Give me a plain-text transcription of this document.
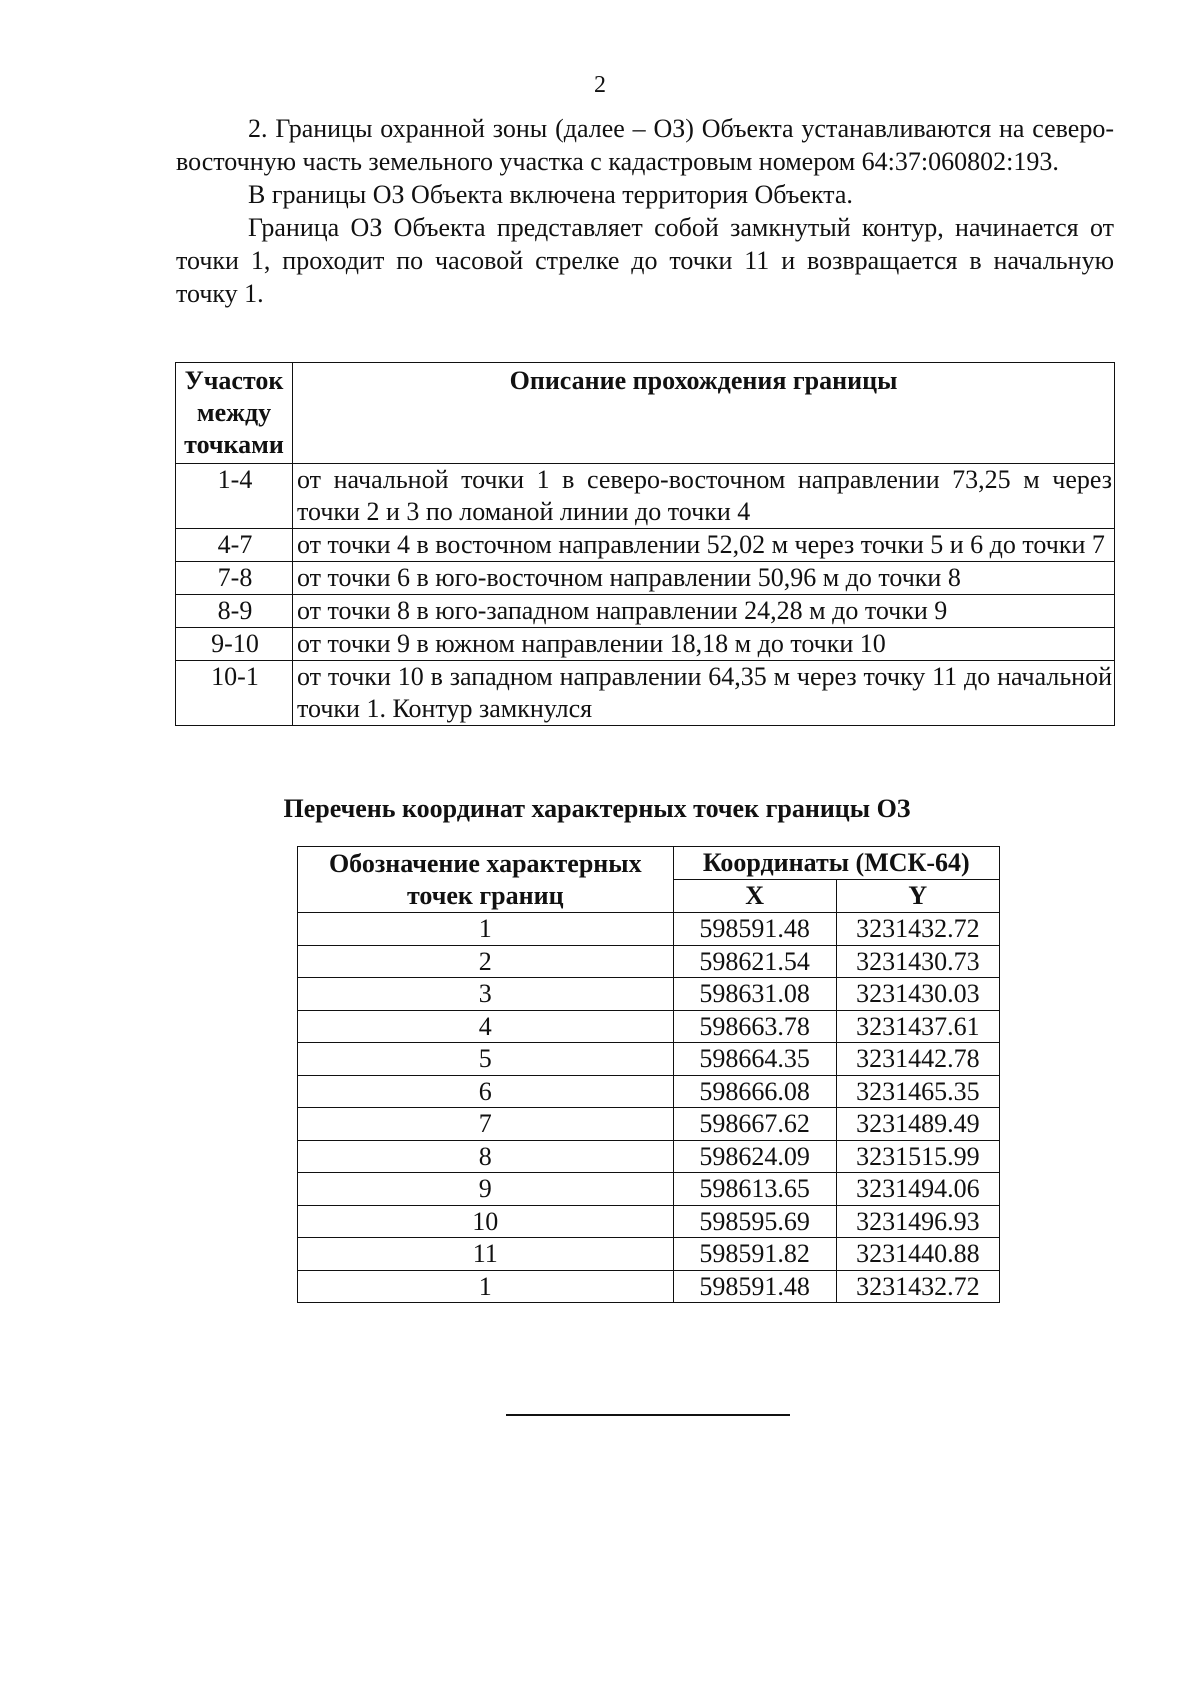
2

2. Границы охранной зоны (далее – ОЗ) Объекта устанавливаются на северо-восточную часть земельного участка с кадастровым номером 64:37:060802:193.

В границы ОЗ Объекта включена территория Объекта.

Граница ОЗ Объекта представляет собой замкнутый контур, начинается от точки 1, проходит по часовой стрелке до точки 11 и возвращается в начальную точку 1.

Участок между точками	Описание прохождения границы
1-4	от начальной точки 1 в северо-восточном направлении 73,25 м через точки 2 и 3 по ломаной линии до точки 4
4-7	от точки 4 в восточном направлении 52,02 м через точки 5 и 6 до точки 7
7-8	от точки 6 в юго-восточном направлении 50,96 м до точки 8
8-9	от точки 8 в юго-западном направлении 24,28 м до точки 9
9-10	от точки 9 в южном направлении 18,18 м до точки 10
10-1	от точки 10 в западном направлении 64,35 м через точку 11 до начальной точки 1. Контур замкнулся
Перечень координат характерных точек границы ОЗ
Обозначение характерных точек границ	Координаты (МСК-64)	
	X	Y
1	598591.48	3231432.72
2	598621.54	3231430.73
3	598631.08	3231430.03
4	598663.78	3231437.61
5	598664.35	3231442.78
6	598666.08	3231465.35
7	598667.62	3231489.49
8	598624.09	3231515.99
9	598613.65	3231494.06
10	598595.69	3231496.93
11	598591.82	3231440.88
1	598591.48	3231432.72
